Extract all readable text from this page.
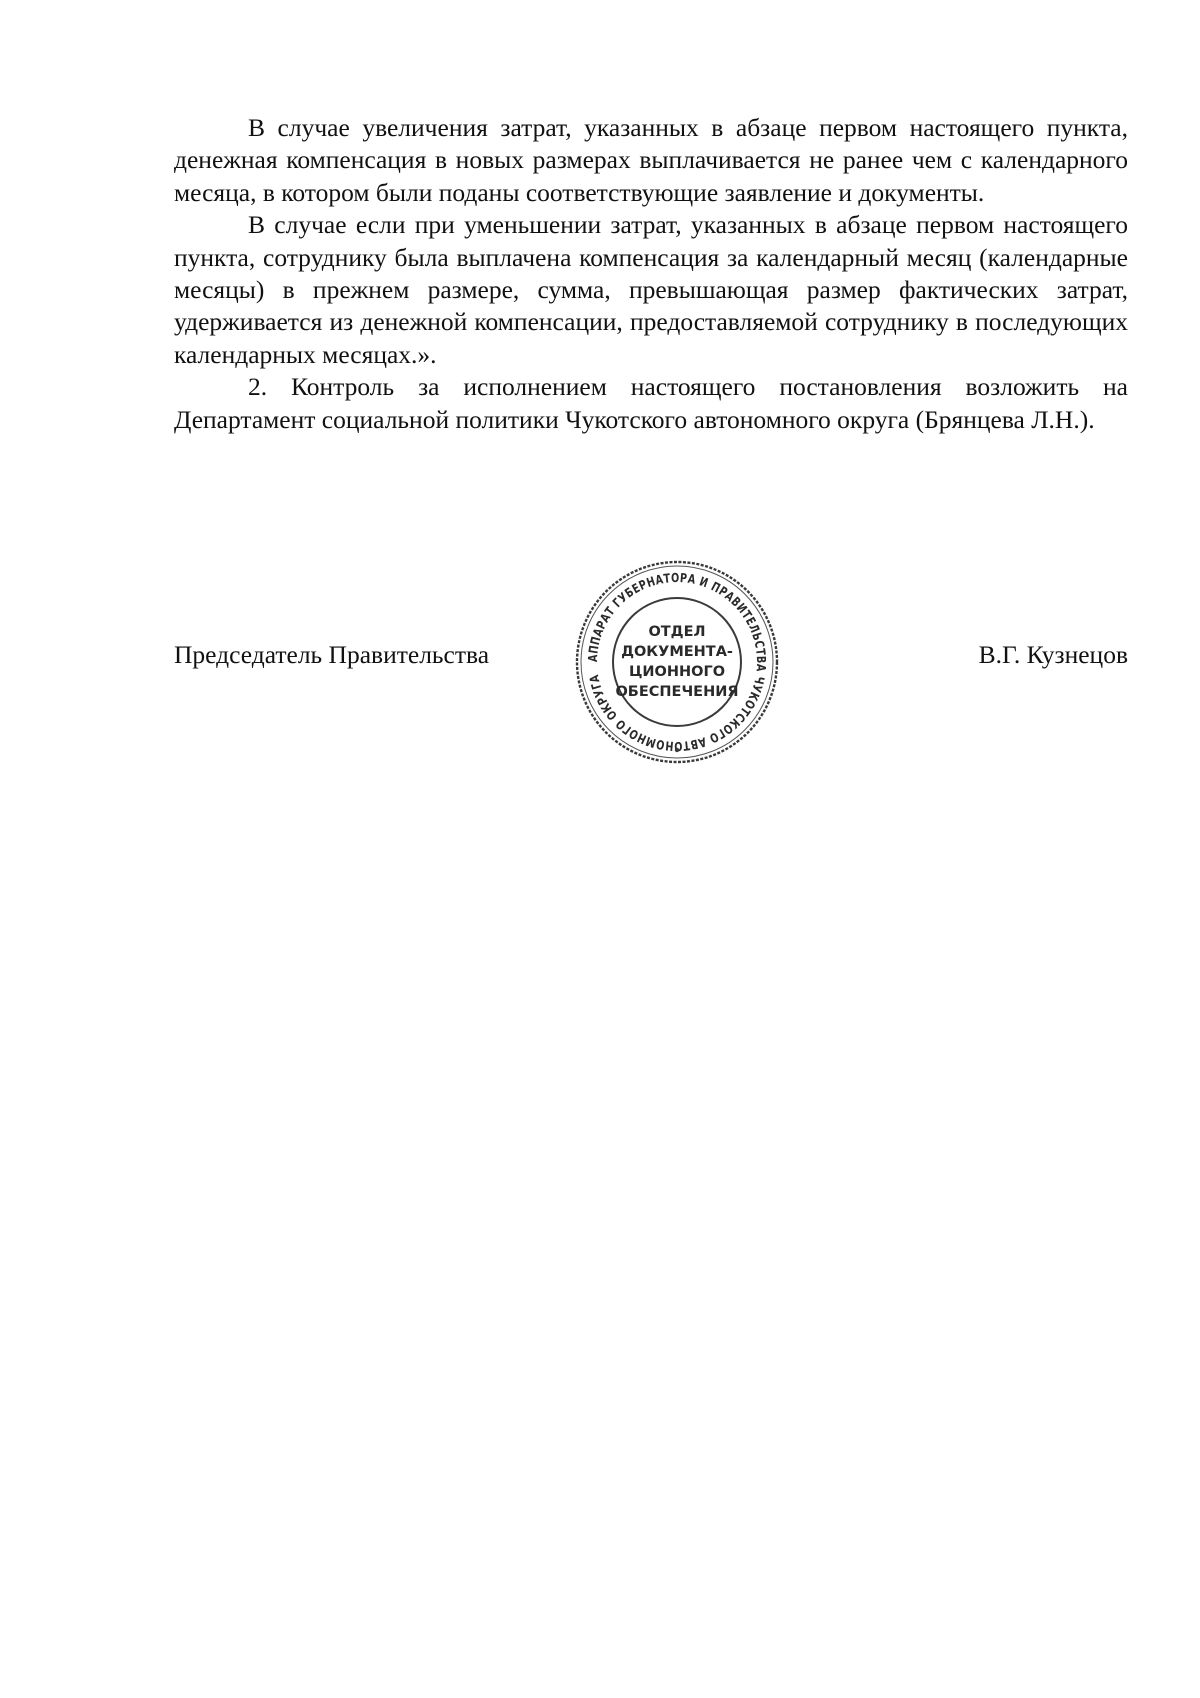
В случае увеличения затрат, указанных в абзаце первом настоящего пункта, денежная компенсация в новых размерах выплачивается не ранее чем с календарного месяца, в котором были поданы соответствующие заявление и документы.

В случае если при уменьшении затрат, указанных в абзаце первом настоящего пункта, сотруднику была выплачена компенсация за календарный месяц (календарные месяцы) в прежнем размере, сумма, превышающая размер фактических затрат, удерживается из денежной компенсации, предоставляемой сотруднику в последующих календарных месяцах.».

2. Контроль за исполнением настоящего постановления возложить на Департамент социальной политики Чукотского автономного округа (Брянцева Л.Н.).

Председатель Правительства	В.Г. Кузнецов
АППАРАТ ГУБЕРНАТОРА И ПРАВИТЕЛЬСТВА ЧУКОТСКОГО АВТОНОМНОГО ОКРУГА
ОТДЕЛ
ДОКУМЕНТА-
ЦИОННОГО
ОБЕСПЕЧЕНИЯ
